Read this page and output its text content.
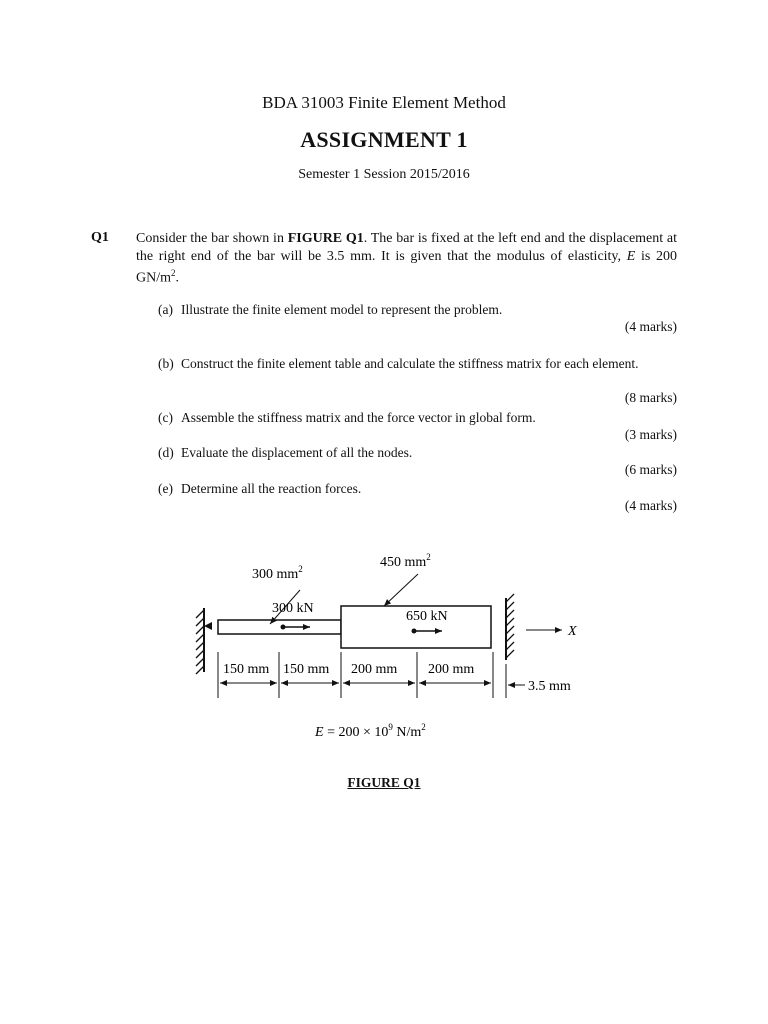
BDA 31003 Finite Element Method
ASSIGNMENT 1
Semester 1 Session 2015/2016
Q1 Consider the bar shown in FIGURE Q1. The bar is fixed at the left end and the displacement at the right end of the bar will be 3.5 mm. It is given that the modulus of elasticity, E is 200 $GN/m^2$.
(a) Illustrate the finite element model to represent the problem.
(4 marks)
(b) Construct the finite element table and calculate the stiffness matrix for each element.
(8 marks)
(c) Assemble the stiffness matrix and the force vector in global form.
(3 marks)
(d) Evaluate the displacement of all the nodes.
(6 marks)
(e) Determine all the reaction forces.
(4 marks)
300 $mm^2$	450 $mm^2$
300 kN
650 kN
X
150 mm 150 mm 200 mm 200 mm
3.5 mm
$E = 200 \times 10^9$ $N/m^2$
FIGURE Q1
